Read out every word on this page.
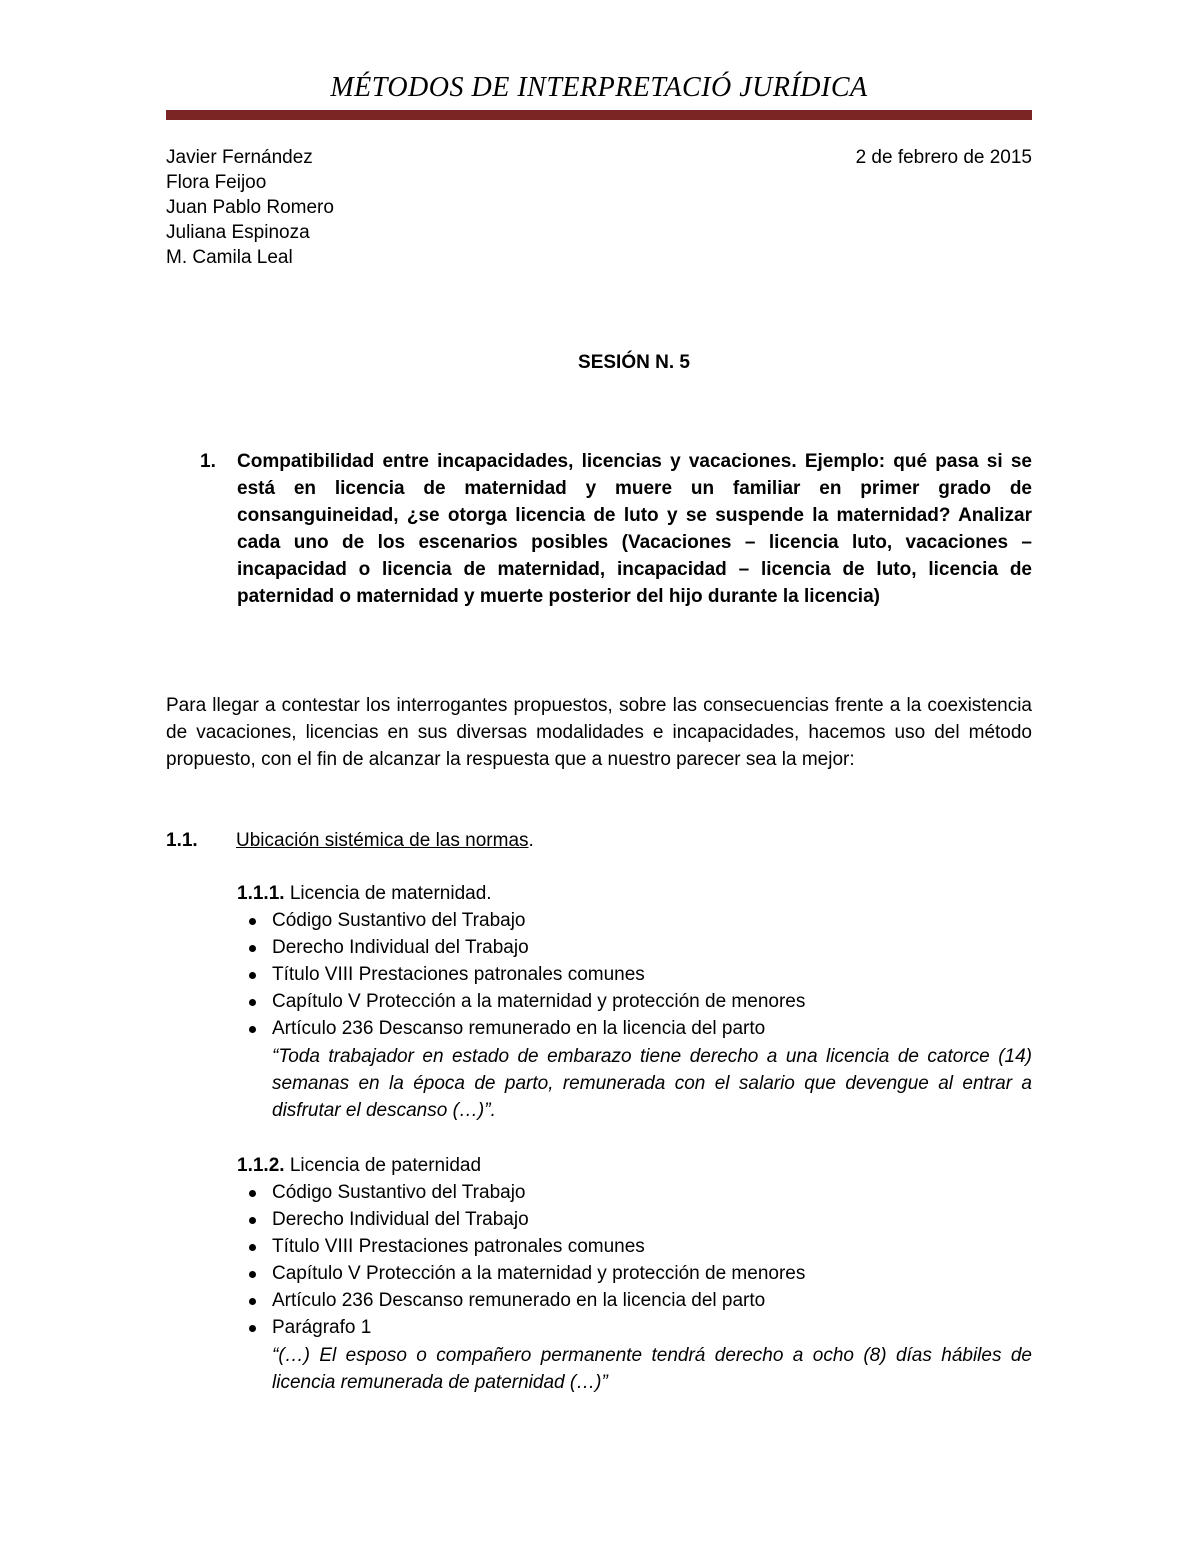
MÉTODOS DE INTERPRETACIÓ JURÍDICA
Javier Fernández
Flora Feijoo
Juan Pablo Romero
Juliana Espinoza
M. Camila Leal
2 de febrero de 2015
SESIÓN N. 5
1. Compatibilidad entre incapacidades, licencias y vacaciones. Ejemplo: qué pasa si se está en licencia de maternidad y muere un familiar en primer grado de consanguineidad, ¿se otorga licencia de luto y se suspende la maternidad? Analizar cada uno de los escenarios posibles (Vacaciones – licencia luto, vacaciones – incapacidad o licencia de maternidad, incapacidad – licencia de luto, licencia de paternidad o maternidad y muerte posterior del hijo durante la licencia)
Para llegar a contestar los interrogantes propuestos, sobre las consecuencias frente a la coexistencia de vacaciones, licencias en sus diversas modalidades e incapacidades, hacemos uso del método propuesto, con el fin de alcanzar la respuesta que a nuestro parecer sea la mejor:
1.1. Ubicación sistémica de las normas.
1.1.1. Licencia de maternidad.
Código Sustantivo del Trabajo
Derecho Individual del Trabajo
Título VIII Prestaciones patronales comunes
Capítulo V Protección a la maternidad y protección de menores
Artículo 236 Descanso remunerado en la licencia del parto
“Toda trabajador en estado de embarazo tiene derecho a una licencia de catorce (14) semanas en la época de parto, remunerada con el salario que devengue al entrar a disfrutar el descanso (…)”.
1.1.2. Licencia de paternidad
Código Sustantivo del Trabajo
Derecho Individual del Trabajo
Título VIII Prestaciones patronales comunes
Capítulo V Protección a la maternidad y protección de menores
Artículo 236 Descanso remunerado en la licencia del parto
Parágrafo 1
“(…) El esposo o compañero permanente tendrá derecho a ocho (8) días hábiles de licencia remunerada de paternidad (…)”
